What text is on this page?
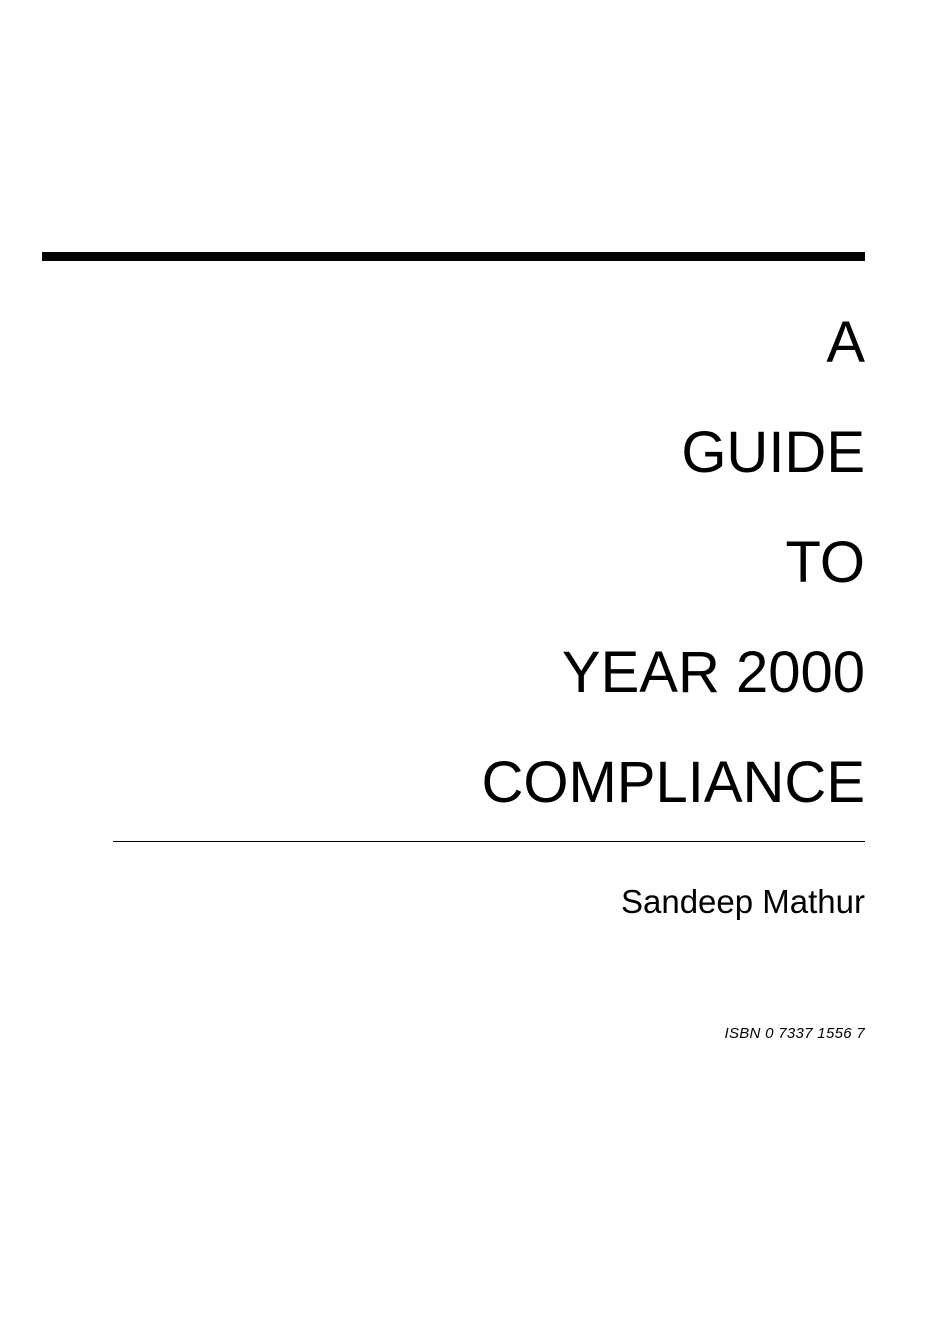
A
GUIDE
TO
YEAR 2000
COMPLIANCE
Sandeep Mathur
ISBN 0 7337 1556 7
